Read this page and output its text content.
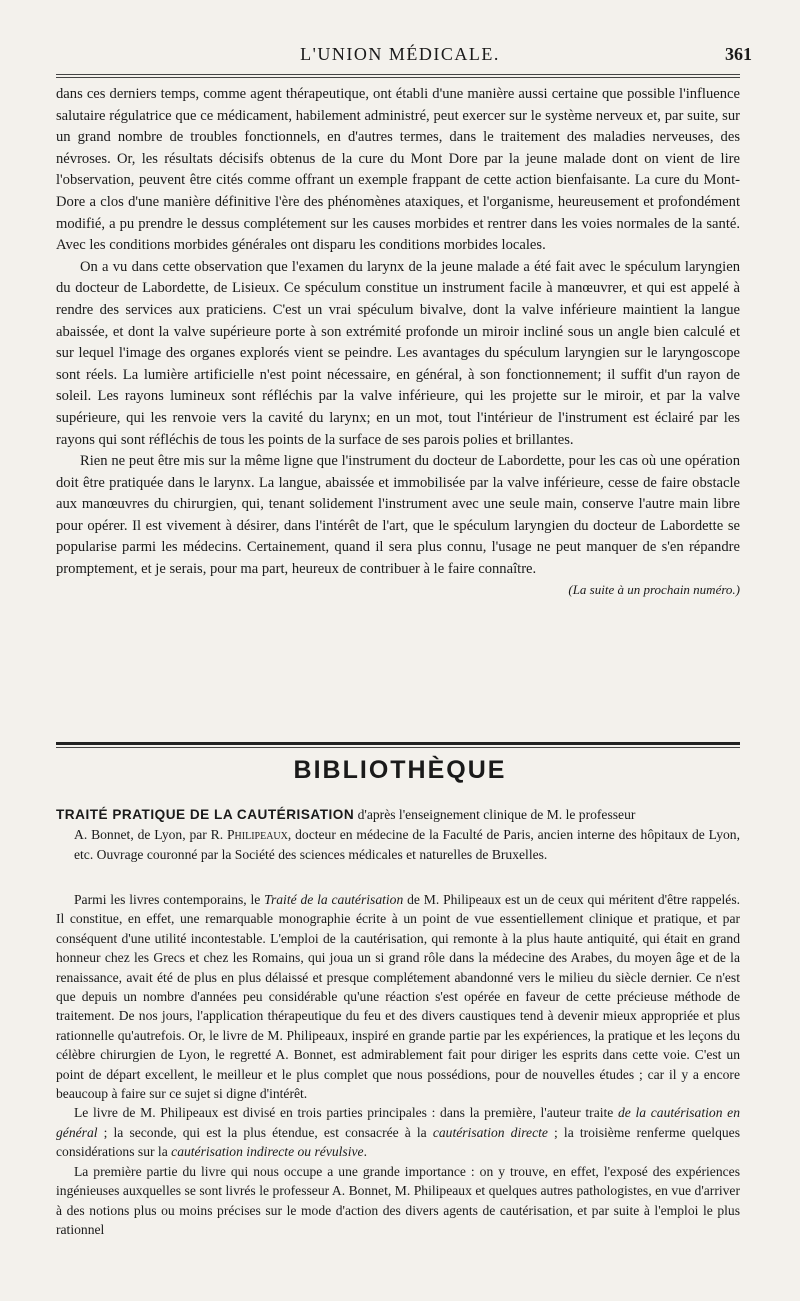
L'UNION MÉDICALE.	361

dans ces derniers temps, comme agent thérapeutique, ont établi d'une manière aussi certaine que possible l'influence salutaire régulatrice que ce médicament, habilement administré, peut exercer sur le système nerveux et, par suite, sur un grand nombre de troubles fonctionnels, en d'autres termes, dans le traitement des maladies nerveuses, des névroses. Or, les résultats décisifs obtenus de la cure du Mont Dore par la jeune malade dont on vient de lire l'observation, peuvent être cités comme offrant un exemple frappant de cette action bienfaisante. La cure du Mont-Dore a clos d'une manière définitive l'ère des phénomènes ataxiques, et l'organisme, heureusement et profondément modifié, a pu prendre le dessus complétement sur les causes morbides et rentrer dans les voies normales de la santé. Avec les conditions morbides générales ont disparu les conditions morbides locales.

On a vu dans cette observation que l'examen du larynx de la jeune malade a été fait avec le spéculum laryngien du docteur de Labordette, de Lisieux. Ce spéculum constitue un instrument facile à manœuvrer, et qui est appelé à rendre des services aux praticiens. C'est un vrai spéculum bivalve, dont la valve inférieure maintient la langue abaissée, et dont la valve supérieure porte à son extrémité profonde un miroir incliné sous un angle bien calculé et sur lequel l'image des organes explorés vient se peindre. Les avantages du spéculum laryngien sur le laryngoscope sont réels. La lumière artificielle n'est point nécessaire, en général, à son fonctionnement; il suffit d'un rayon de soleil. Les rayons lumineux sont réfléchis par la valve inférieure, qui les projette sur le miroir, et par la valve supérieure, qui les renvoie vers la cavité du larynx; en un mot, tout l'intérieur de l'instrument est éclairé par les rayons qui sont réfléchis de tous les points de la surface de ses parois polies et brillantes.

Rien ne peut être mis sur la même ligne que l'instrument du docteur de Labordette, pour les cas où une opération doit être pratiquée dans le larynx. La langue, abaissée et immobilisée par la valve inférieure, cesse de faire obstacle aux manœuvres du chirurgien, qui, tenant solidement l'instrument avec une seule main, conserve l'autre main libre pour opérer. Il est vivement à désirer, dans l'intérêt de l'art, que le spéculum laryngien du docteur de Labordette se popularise parmi les médecins. Certainement, quand il sera plus connu, l'usage ne peut manquer de s'en répandre promptement, et je serais, pour ma part, heureux de contribuer à le faire connaître.

(La suite à un prochain numéro.)
BIBLIOTHÈQUE
TRAITÉ PRATIQUE DE LA CAUTÉRISATION d'après l'enseignement clinique de M. le professeur
A. Bonnet, de Lyon, par R. Philipeaux, docteur en médecine de la Faculté de Paris, ancien interne des hôpitaux de Lyon, etc. Ouvrage couronné par la Société des sciences médicales et naturelles de Bruxelles.

Parmi les livres contemporains, le Traité de la cautérisation de M. Philipeaux est un de ceux qui méritent d'être rappelés. Il constitue, en effet, une remarquable monographie écrite à un point de vue essentiellement clinique et pratique, et par conséquent d'une utilité incontestable. L'emploi de la cautérisation, qui remonte à la plus haute antiquité, qui était en grand honneur chez les Grecs et chez les Romains, qui joua un si grand rôle dans la médecine des Arabes, du moyen âge et de la renaissance, avait été de plus en plus délaissé et presque complétement abandonné vers le milieu du siècle dernier. Ce n'est que depuis un nombre d'années peu considérable qu'une réaction s'est opérée en faveur de cette précieuse méthode de traitement. De nos jours, l'application thérapeutique du feu et des divers caustiques tend à devenir mieux appropriée et plus rationnelle qu'autrefois. Or, le livre de M. Philipeaux, inspiré en grande partie par les expériences, la pratique et les leçons du célèbre chirurgien de Lyon, le regretté A. Bonnet, est admirablement fait pour diriger les esprits dans cette voie. C'est un point de départ excellent, le meilleur et le plus complet que nous possédions, pour de nouvelles études ; car il y a encore beaucoup à faire sur ce sujet si digne d'intérêt.

Le livre de M. Philipeaux est divisé en trois parties principales : dans la première, l'auteur traite de la cautérisation en général ; la seconde, qui est la plus étendue, est consacrée à la cautérisation directe ; la troisième renferme quelques considérations sur la cautérisation indirecte ou révulsive.

La première partie du livre qui nous occupe a une grande importance : on y trouve, en effet, l'exposé des expériences ingénieuses auxquelles se sont livrés le professeur A. Bonnet, M. Philipeaux et quelques autres pathologistes, en vue d'arriver à des notions plus ou moins précises sur le mode d'action des divers agents de cautérisation, et par suite à l'emploi le plus rationnel
